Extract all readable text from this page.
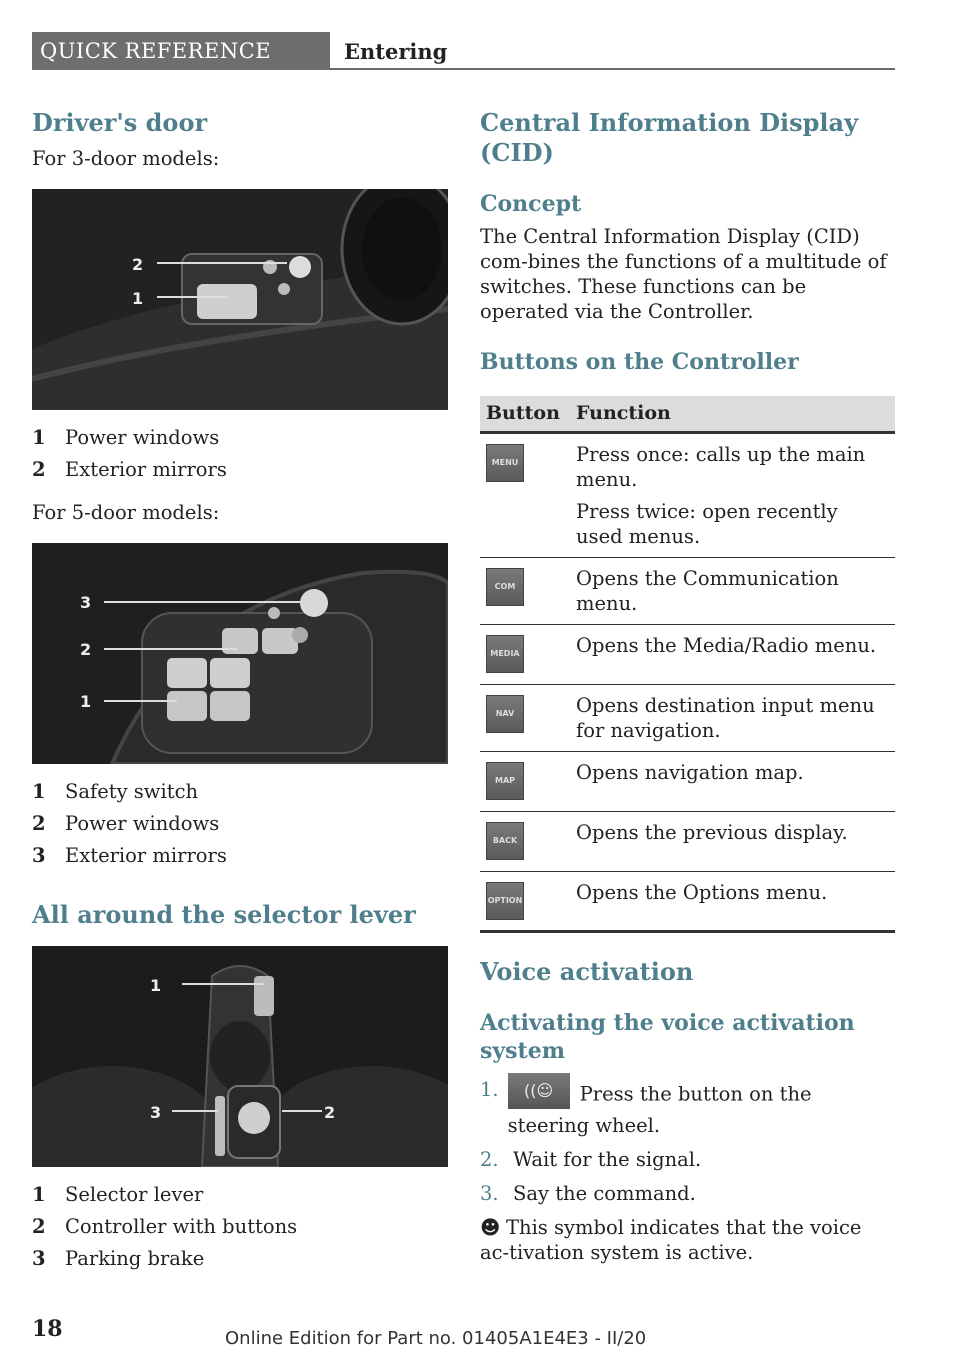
QUICK REFERENCE	Entering
Driver's door

For 3-door models:

2
1
1 Power windows
2 Exterior mirrors

For 5-door models:

3
2
1
1 Safety switch
2 Power windows
3 Exterior mirrors
All around the selector lever
1
2
3
1 Selector lever
2 Controller with buttons
3 Parking brake
Central Information Display (CID)
Concept

The Central Information Display (CID) com-bines the functions of a multitude of switches. These functions can be operated via the Controller.

Buttons on the Controller
Button	Function

MENU	Press once: calls up the main menu.
Press twice: open recently used menus.

COM	Opens the Communication menu.

MEDIA	Opens the Media/Radio menu.

NAV	Opens destination input menu for navigation.

MAP	Opens navigation map.

BACK	Opens the previous display.

OPTION	Opens the Options menu.
Voice activation
Activating the voice activation system
1.	((☺ Press the button on the steering wheel.
2. Wait for the signal.
3. Say the command.

☻ This symbol indicates that the voice ac-tivation system is active.

18	Online Edition for Part no. 01405A1E4E3 - II/20
